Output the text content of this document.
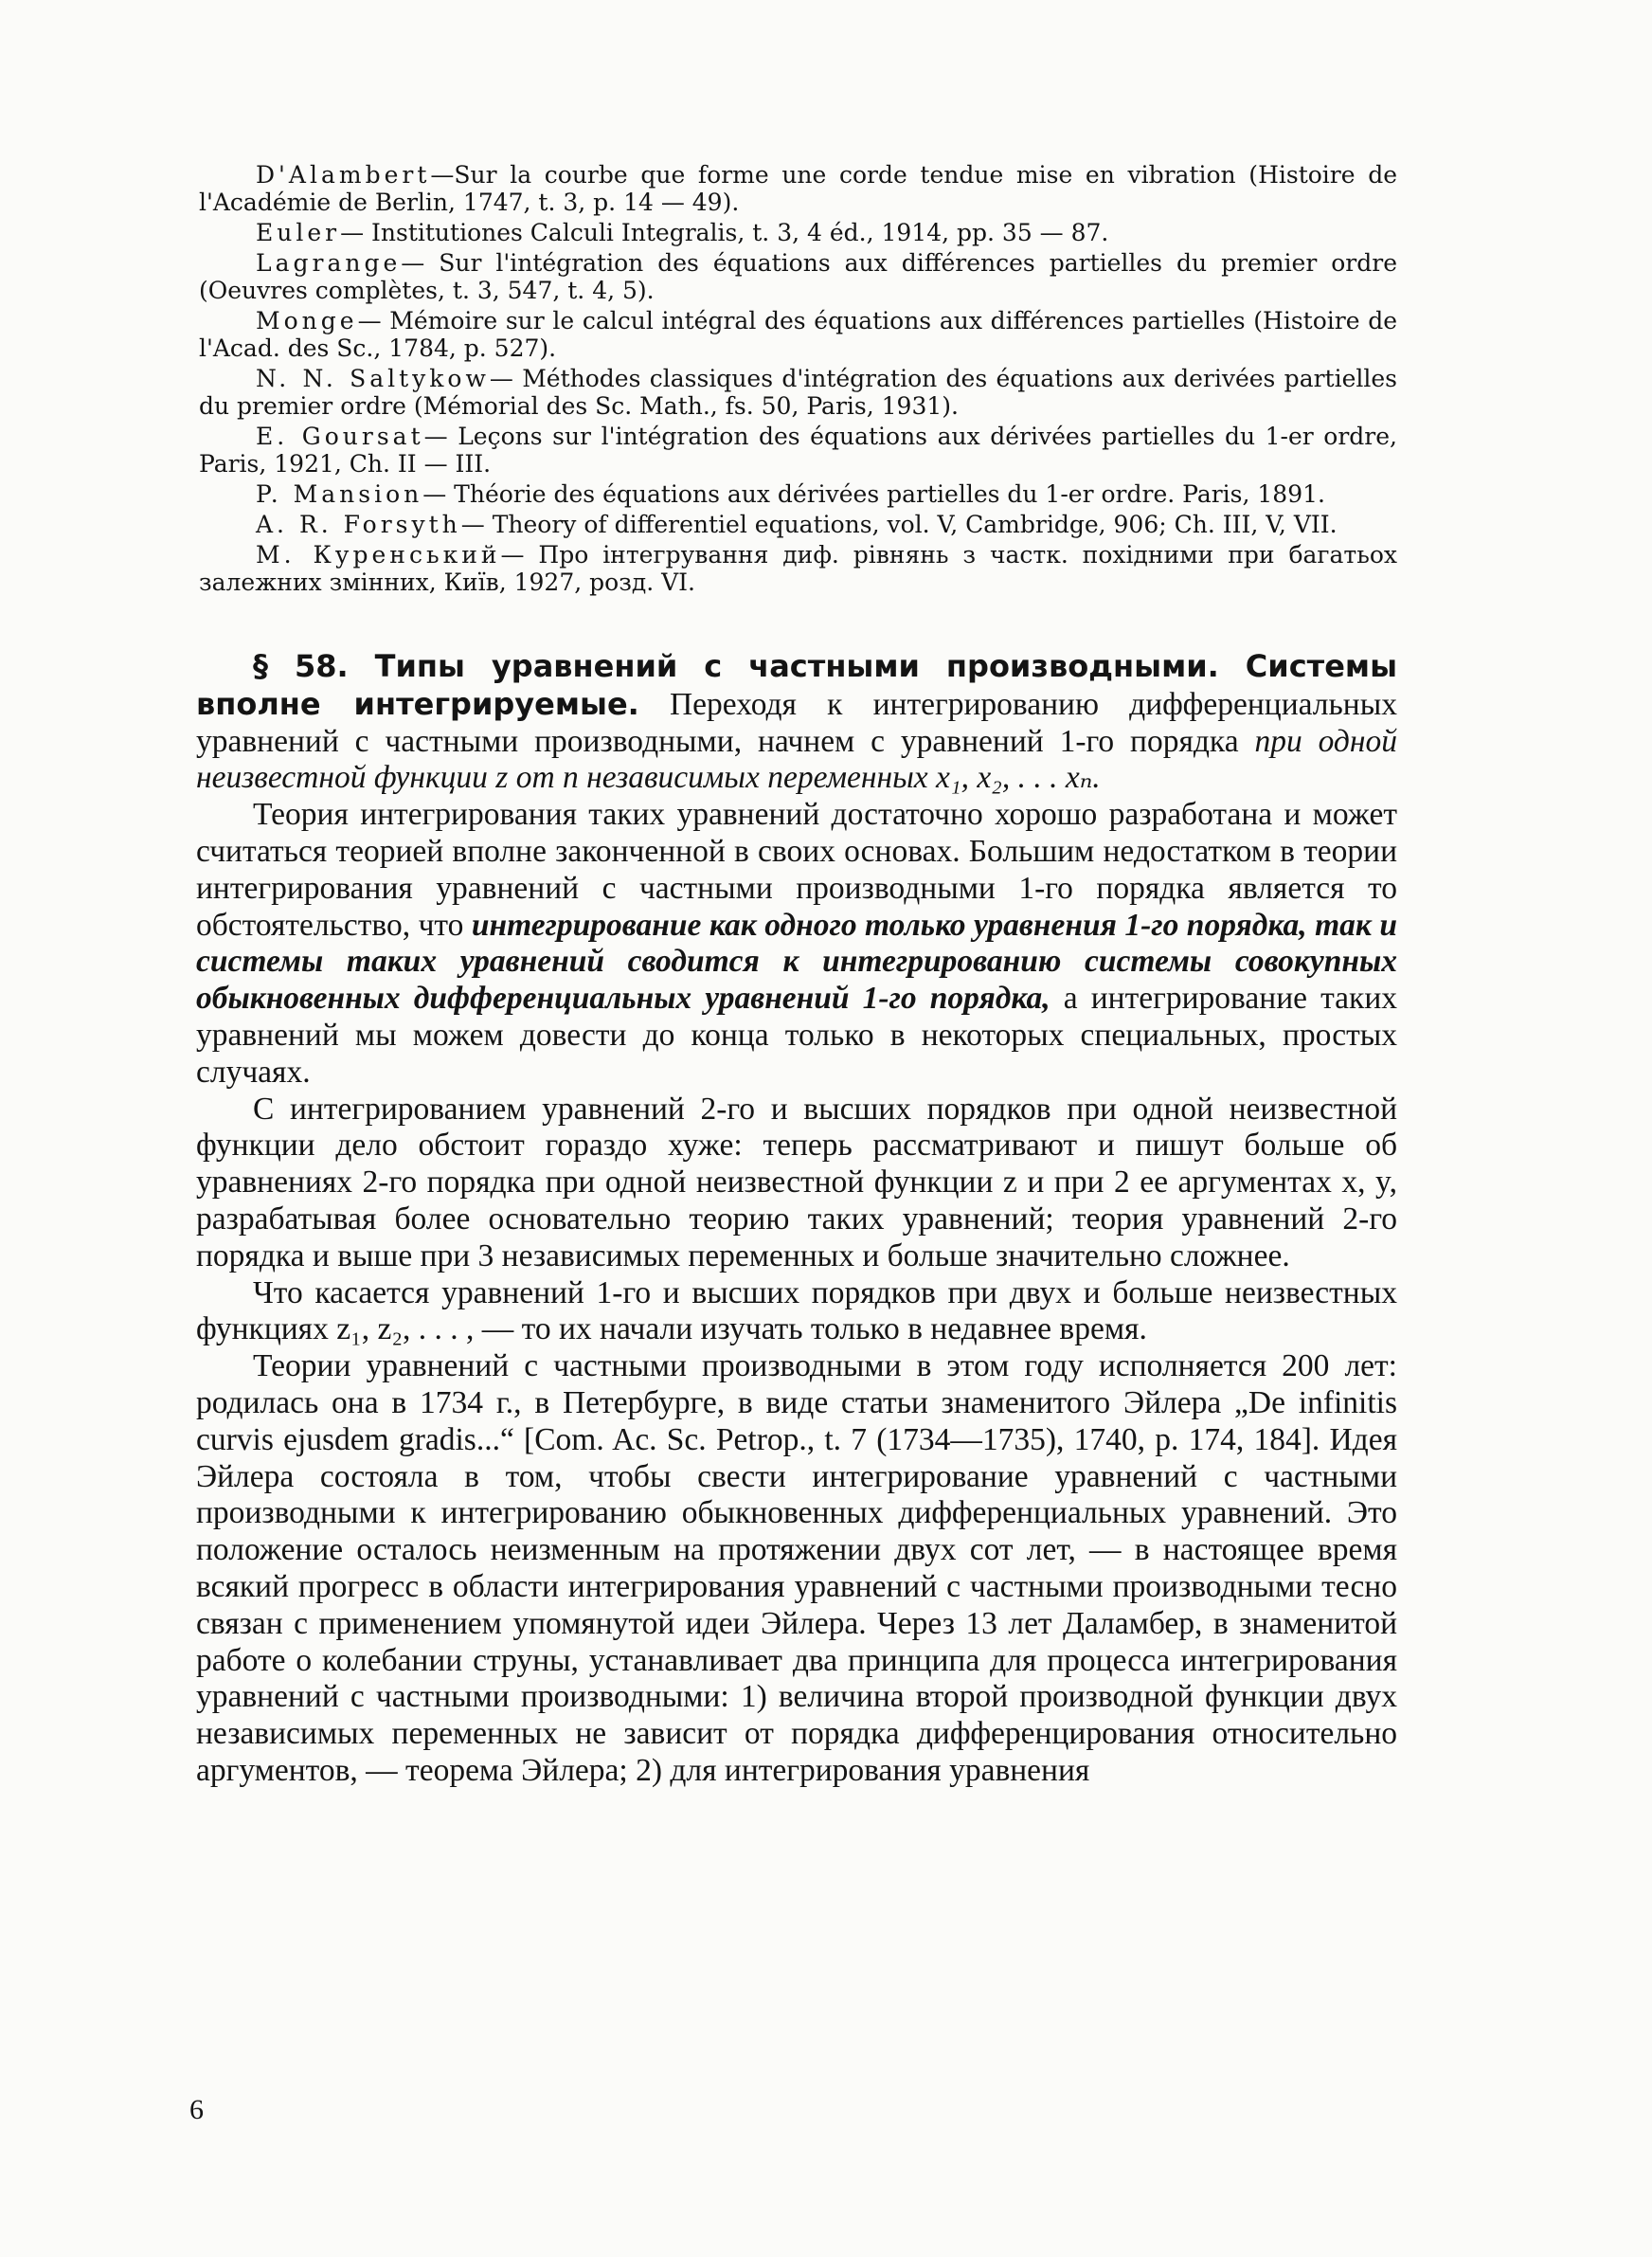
D'Alambert—Sur la courbe que forme une corde tendue mise en vibration (Histoire de l'Académie de Berlin, 1747, t. 3, p. 14 — 49).

Euler— Institutiones Calculi Integralis, t. 3, 4 éd., 1914, pp. 35 — 87.

Lagrange— Sur l'intégration des équations aux différences partielles du premier ordre (Oeuvres complètes, t. 3, 547, t. 4, 5).

Monge— Mémoire sur le calcul intégral des équations aux différences partielles (Histoire de l'Acad. des Sc., 1784, p. 527).

N. N. Saltykow— Méthodes classiques d'intégration des équations aux derivées partielles du premier ordre (Mémorial des Sc. Math., fs. 50, Paris, 1931).

E. Goursat— Leçons sur l'intégration des équations aux dérivées partielles du 1-er ordre, Paris, 1921, Ch. II — III.

P. Mansion— Théorie des équations aux dérivées partielles du 1-er ordre. Paris, 1891.

A. R. Forsyth— Theory of differentiel equations, vol. V, Cambridge, 906; Ch. III, V, VII.

М. Куренський— Про інтегрування диф. рівнянь з частк. похідними при багатьох залежних змінних, Київ, 1927, розд. VI.

§ 58. Типы уравнений с частными производными. Системы вполне интегрируемые. Переходя к интегрированию дифференциальных уравнений с частными производными, начнем с уравнений 1-го порядка при одной неизвестной функции z от n независимых переменных x₁, x₂, . . . xₙ.

Теория интегрирования таких уравнений достаточно хорошо разработана и может считаться теорией вполне законченной в своих основах. Большим недостатком в теории интегрирования уравнений с частными производными 1-го порядка является то обстоятельство, что интегрирование как одного только уравнения 1-го порядка, так и системы таких уравнений сводится к интегрированию системы совокупных обыкновенных дифференциальных уравнений 1-го порядка, а интегрирование таких уравнений мы можем довести до конца только в некоторых специальных, простых случаях.

С интегрированием уравнений 2-го и высших порядков при одной неизвестной функции дело обстоит гораздо хуже: теперь рассматривают и пишут больше об уравнениях 2-го порядка при одной неизвестной функции z и при 2 ее аргументах x, y, разрабатывая более основательно теорию таких уравнений; теория уравнений 2-го порядка и выше при 3 независимых переменных и больше значительно сложнее.

Что касается уравнений 1-го и высших порядков при двух и больше неизвестных функциях z₁, z₂, . . . , — то их начали изучать только в недавнее время.

Теории уравнений с частными производными в этом году исполняется 200 лет: родилась она в 1734 г., в Петербурге, в виде статьи знаменитого Эйлера „De infinitis curvis ejusdem gradis...“ [Com. Ac. Sc. Petrop., t. 7 (1734—1735), 1740, p. 174, 184]. Идея Эйлера состояла в том, чтобы свести интегрирование уравнений с частными производными к интегрированию обыкновенных дифференциальных уравнений. Это положение осталось неизменным на протяжении двух сот лет, — в настоящее время всякий прогресс в области интегрирования уравнений с частными производными тесно связан с применением упомянутой идеи Эйлера. Через 13 лет Даламбер, в знаменитой работе о колебании струны, устанавливает два принципа для процесса интегрирования уравнений с частными производными: 1) величина второй производной функции двух независимых переменных не зависит от порядка дифференцирования относительно аргументов, — теорема Эйлера; 2) для интегрирования уравнения

6
